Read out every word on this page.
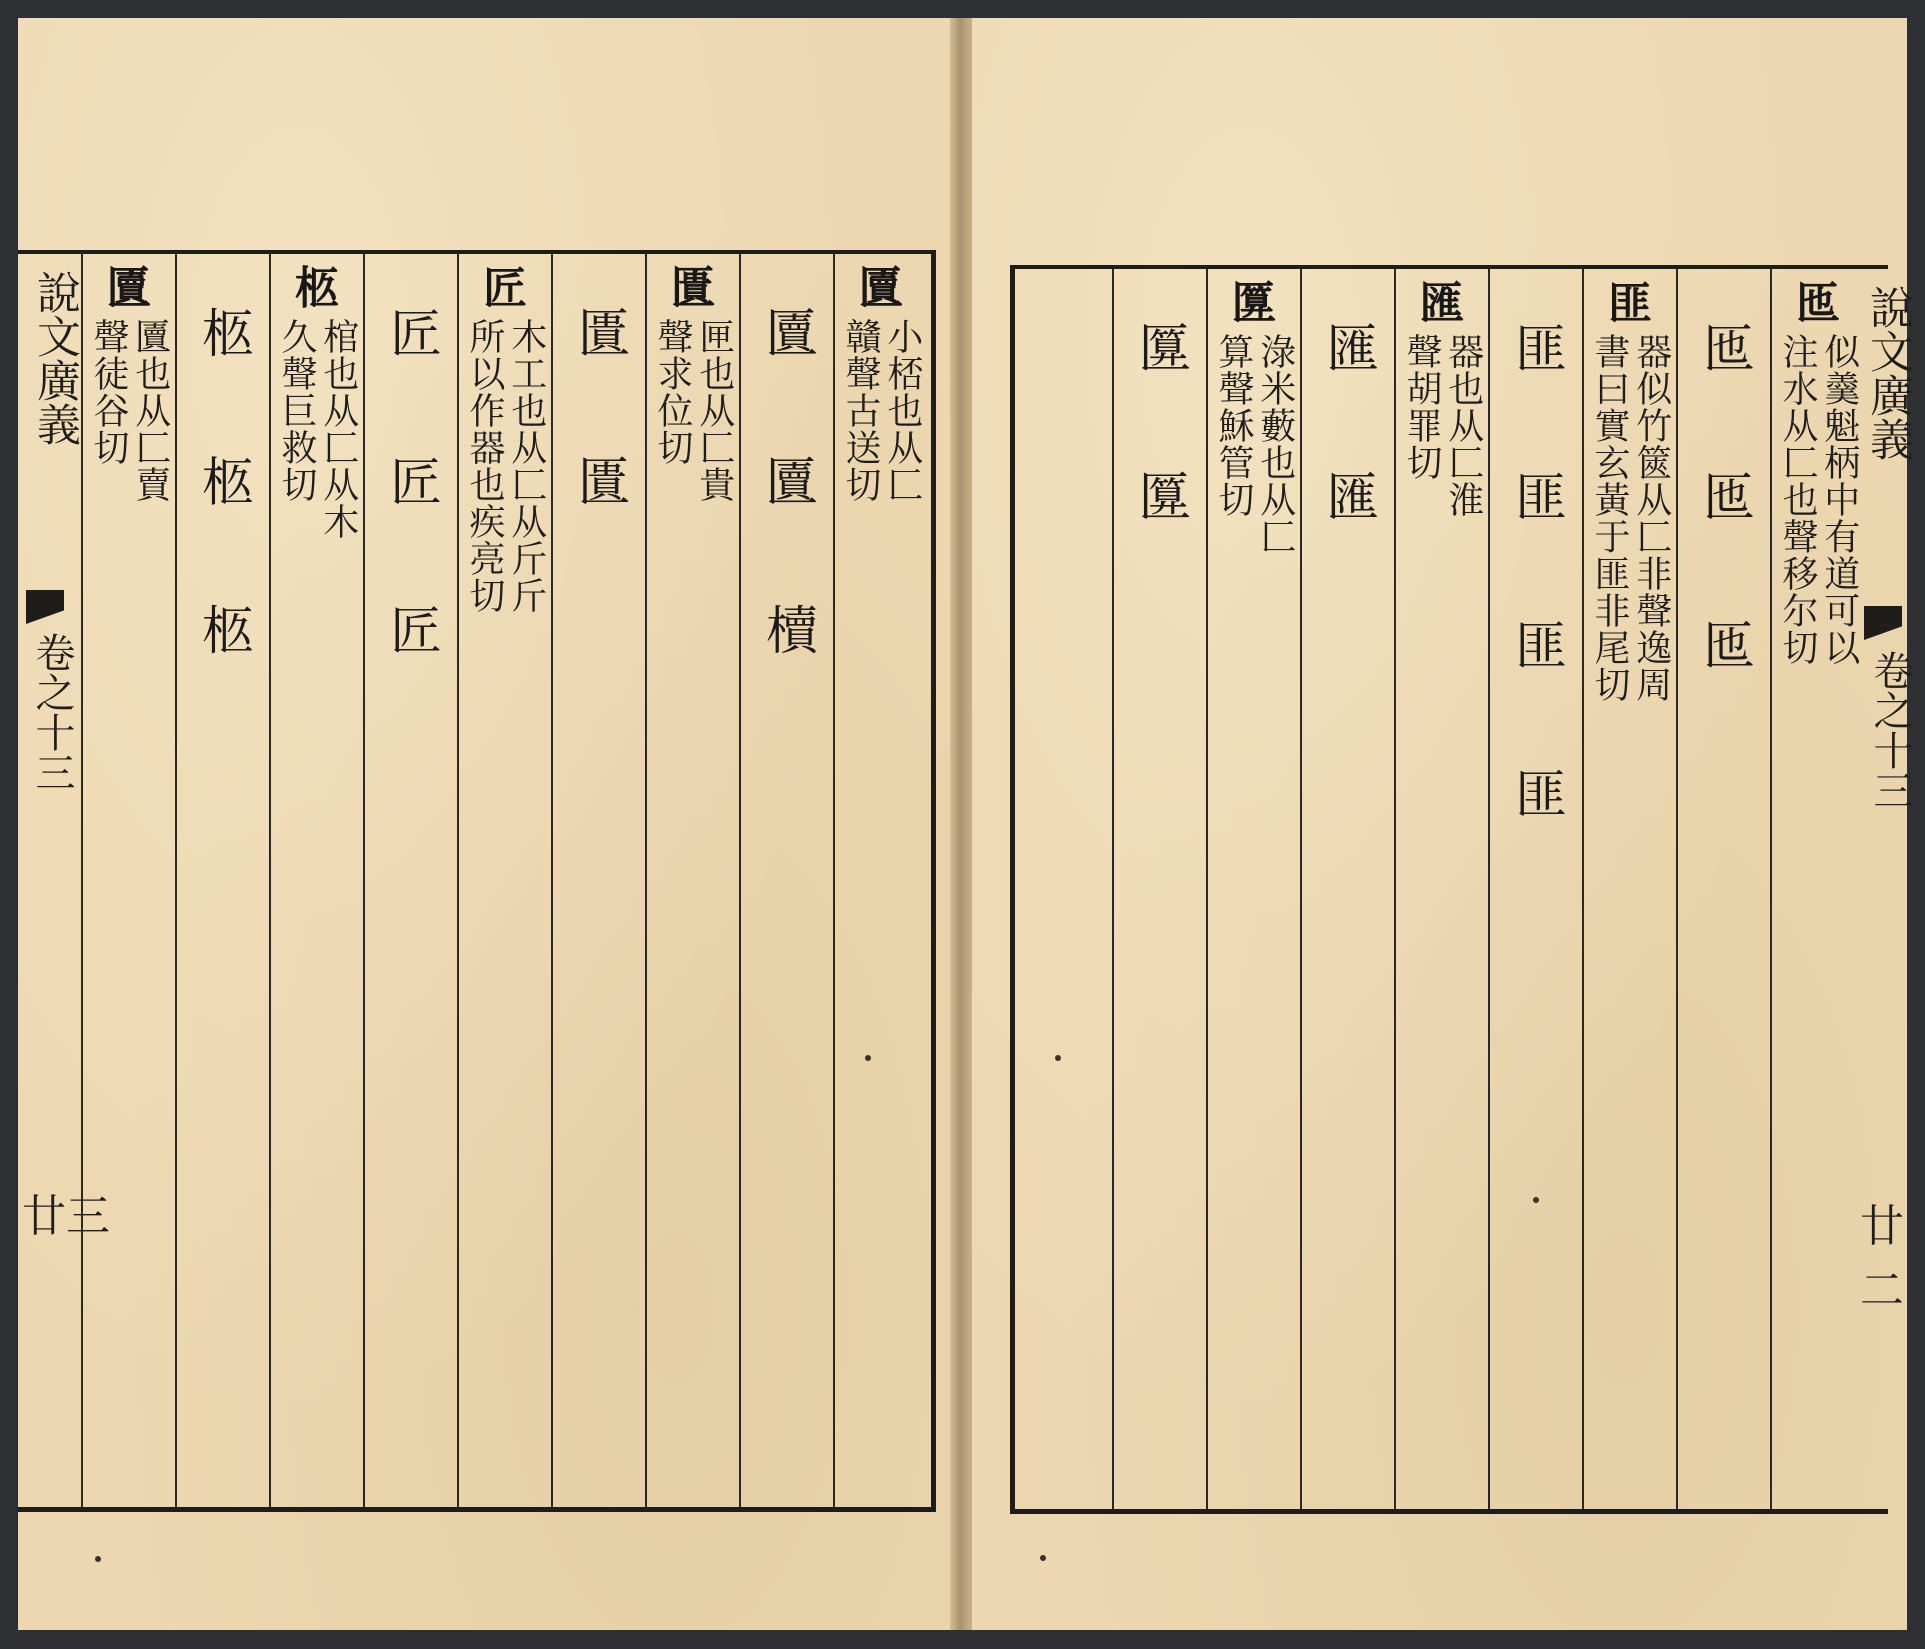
匵
小桮也从匚
贛聲古送切
匵 匵 櫝
匱
匣也从匚貴
聲求位切
匱 匱
匠
木工也从匚从斤斤
所以作器也疾亮切
匠 匠 匠
柩
棺也从匚从木
久聲巨救切
柩 柩 柩
匵
匵也从匚賣
聲徒谷切
說文廣義
卷之十三
廿三
匜
似羹魁柄中有道可以
注水从匚也聲移尔切
匜 匜 匜
匪
器似竹篋从匚非聲逸周
書曰實玄黃于匪非尾切
匪 匪 匪 匪
匯
器也从匚淮
聲胡罪切
匯 匯
匴
淥米藪也从匚
算聲穌管切
匴 匴	說文廣義
卷之十三
廿二
